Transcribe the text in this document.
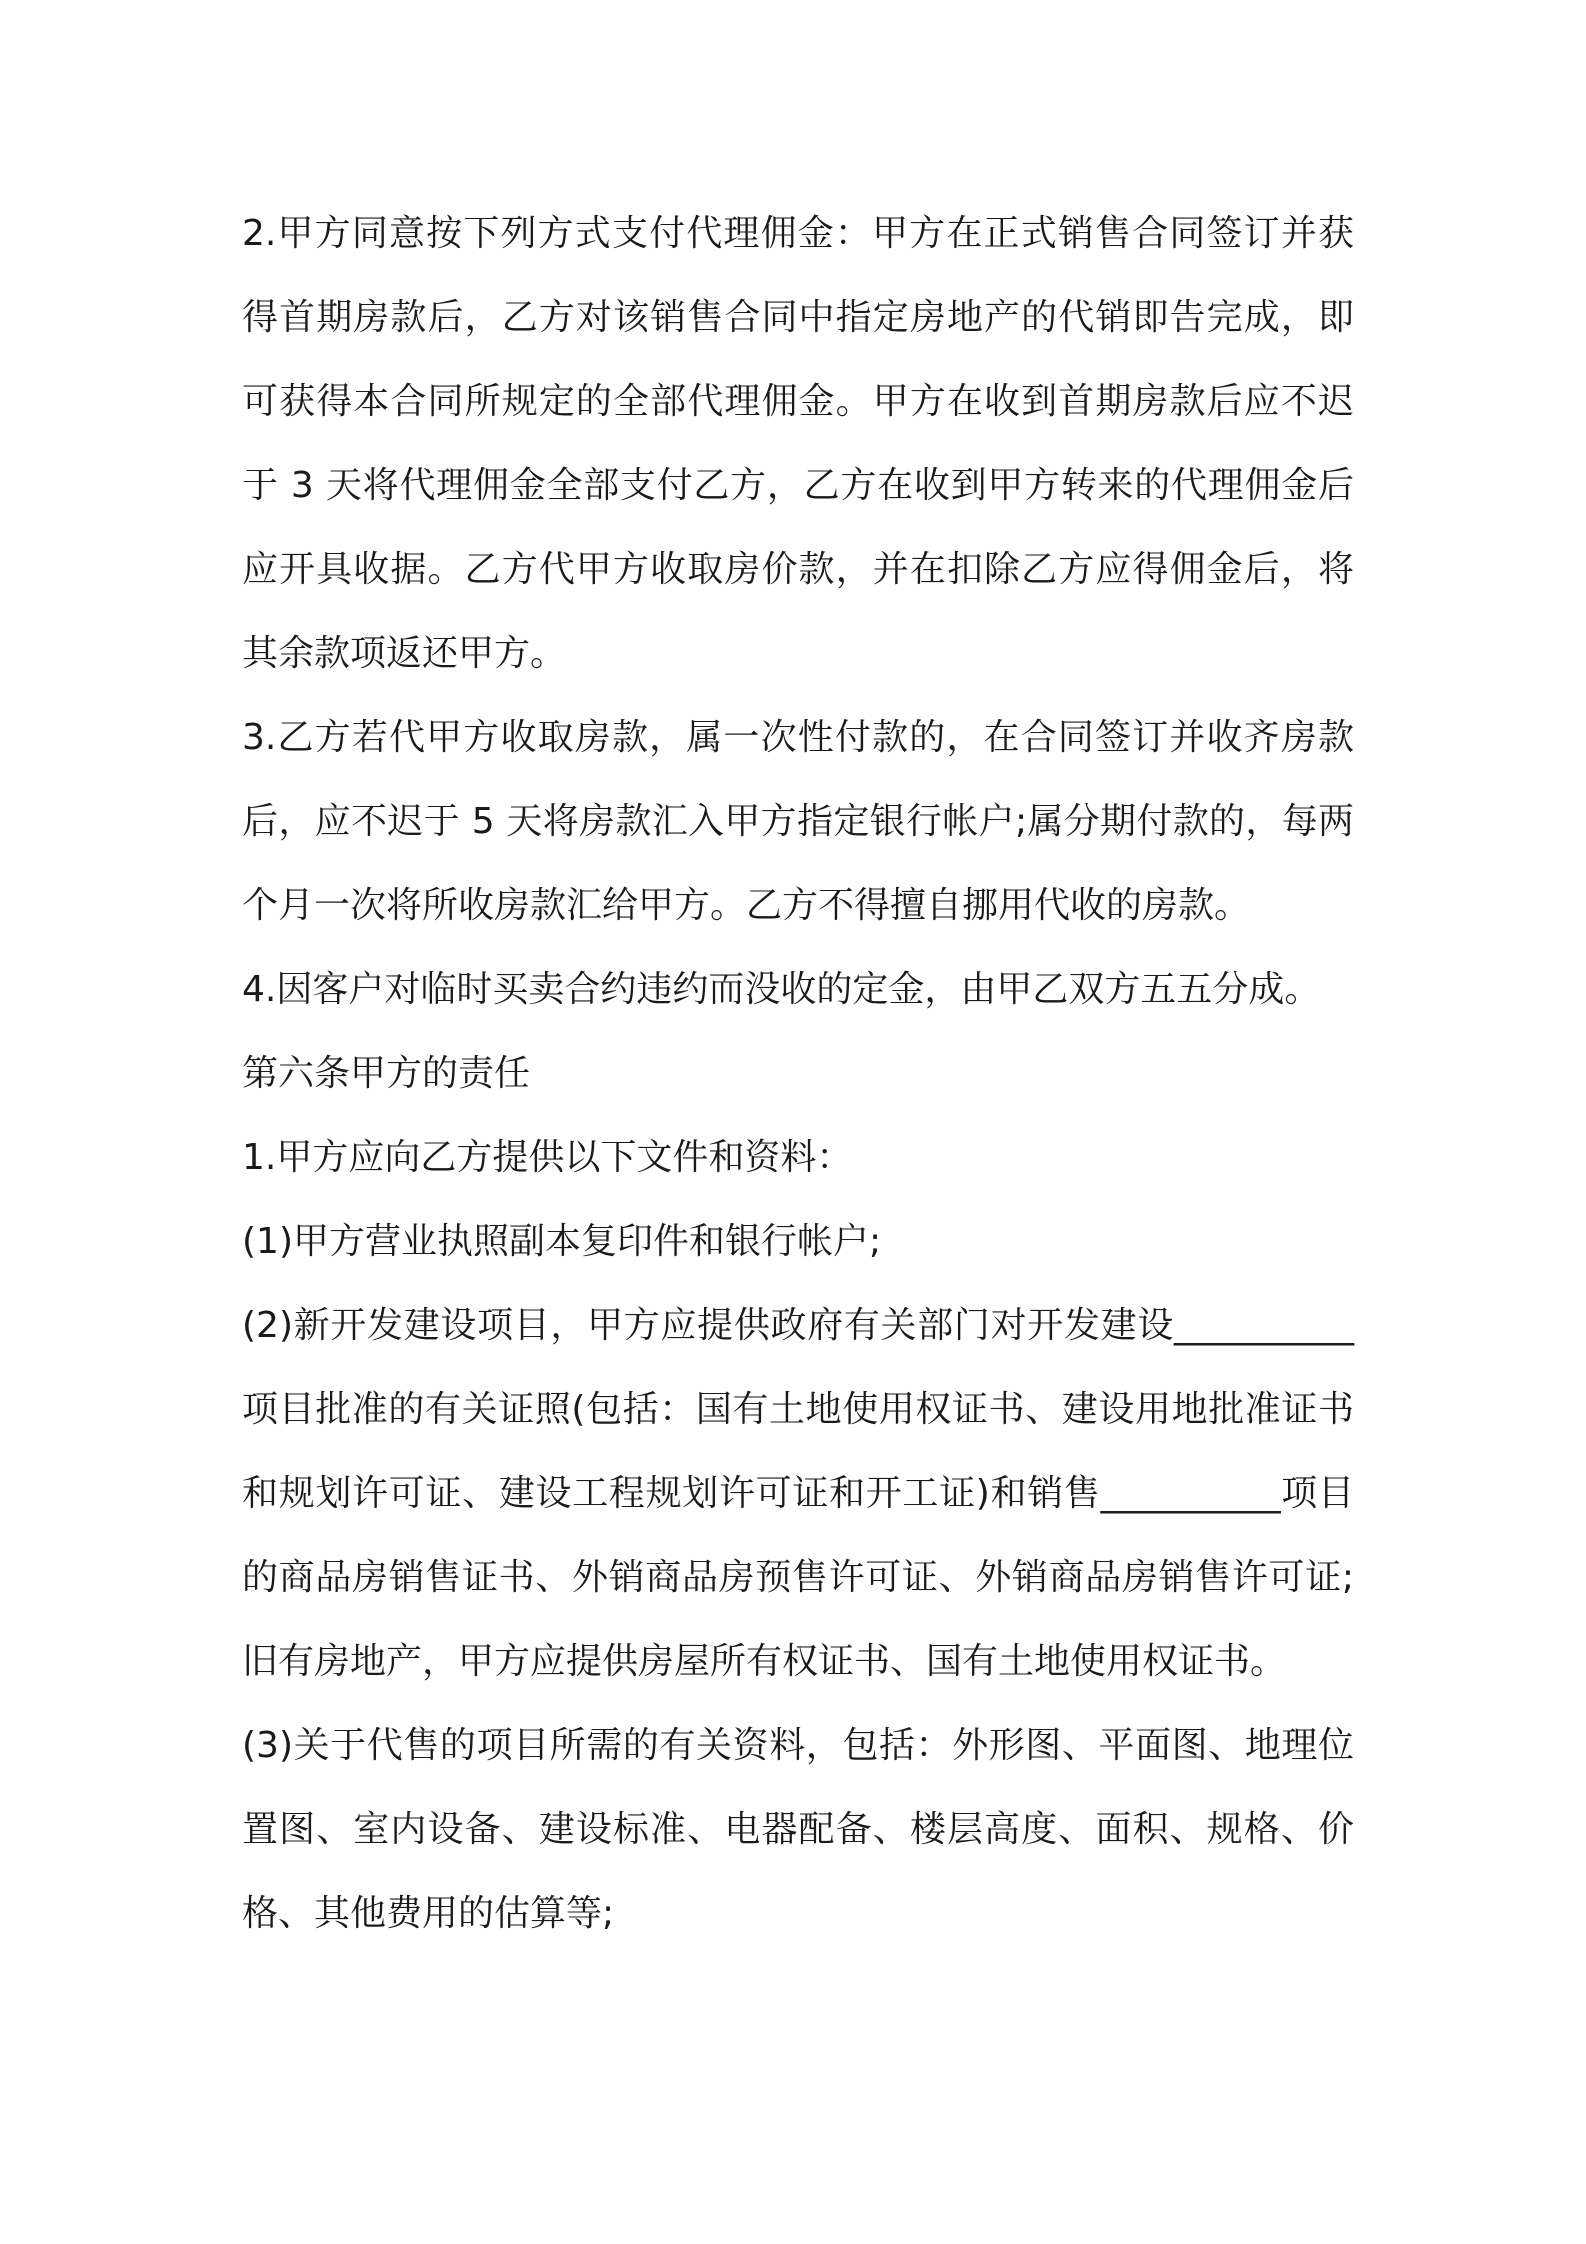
2.甲方同意按下列方式支付代理佣金：甲方在正式销售合同签订并获得首期房款后，乙方对该销售合同中指定房地产的代销即告完成，即可获得本合同所规定的全部代理佣金。甲方在收到首期房款后应不迟于 3 天将代理佣金全部支付乙方，乙方在收到甲方转来的代理佣金后应开具收据。乙方代甲方收取房价款，并在扣除乙方应得佣金后，将其余款项返还甲方。

3.乙方若代甲方收取房款，属一次性付款的，在合同签订并收齐房款后，应不迟于 5 天将房款汇入甲方指定银行帐户;属分期付款的，每两个月一次将所收房款汇给甲方。乙方不得擅自挪用代收的房款。

4.因客户对临时买卖合约违约而没收的定金，由甲乙双方五五分成。

第六条甲方的责任

1.甲方应向乙方提供以下文件和资料：

(1)甲方营业执照副本复印件和银行帐户;

(2)新开发建设项目，甲方应提供政府有关部门对开发建设__________项目批准的有关证照(包括：国有土地使用权证书、建设用地批准证书和规划许可证、建设工程规划许可证和开工证)和销售__________项目的商品房销售证书、外销商品房预售许可证、外销商品房销售许可证;旧有房地产，甲方应提供房屋所有权证书、国有土地使用权证书。

(3)关于代售的项目所需的有关资料，包括：外形图、平面图、地理位置图、室内设备、建设标准、电器配备、楼层高度、面积、规格、价格、其他费用的估算等;
